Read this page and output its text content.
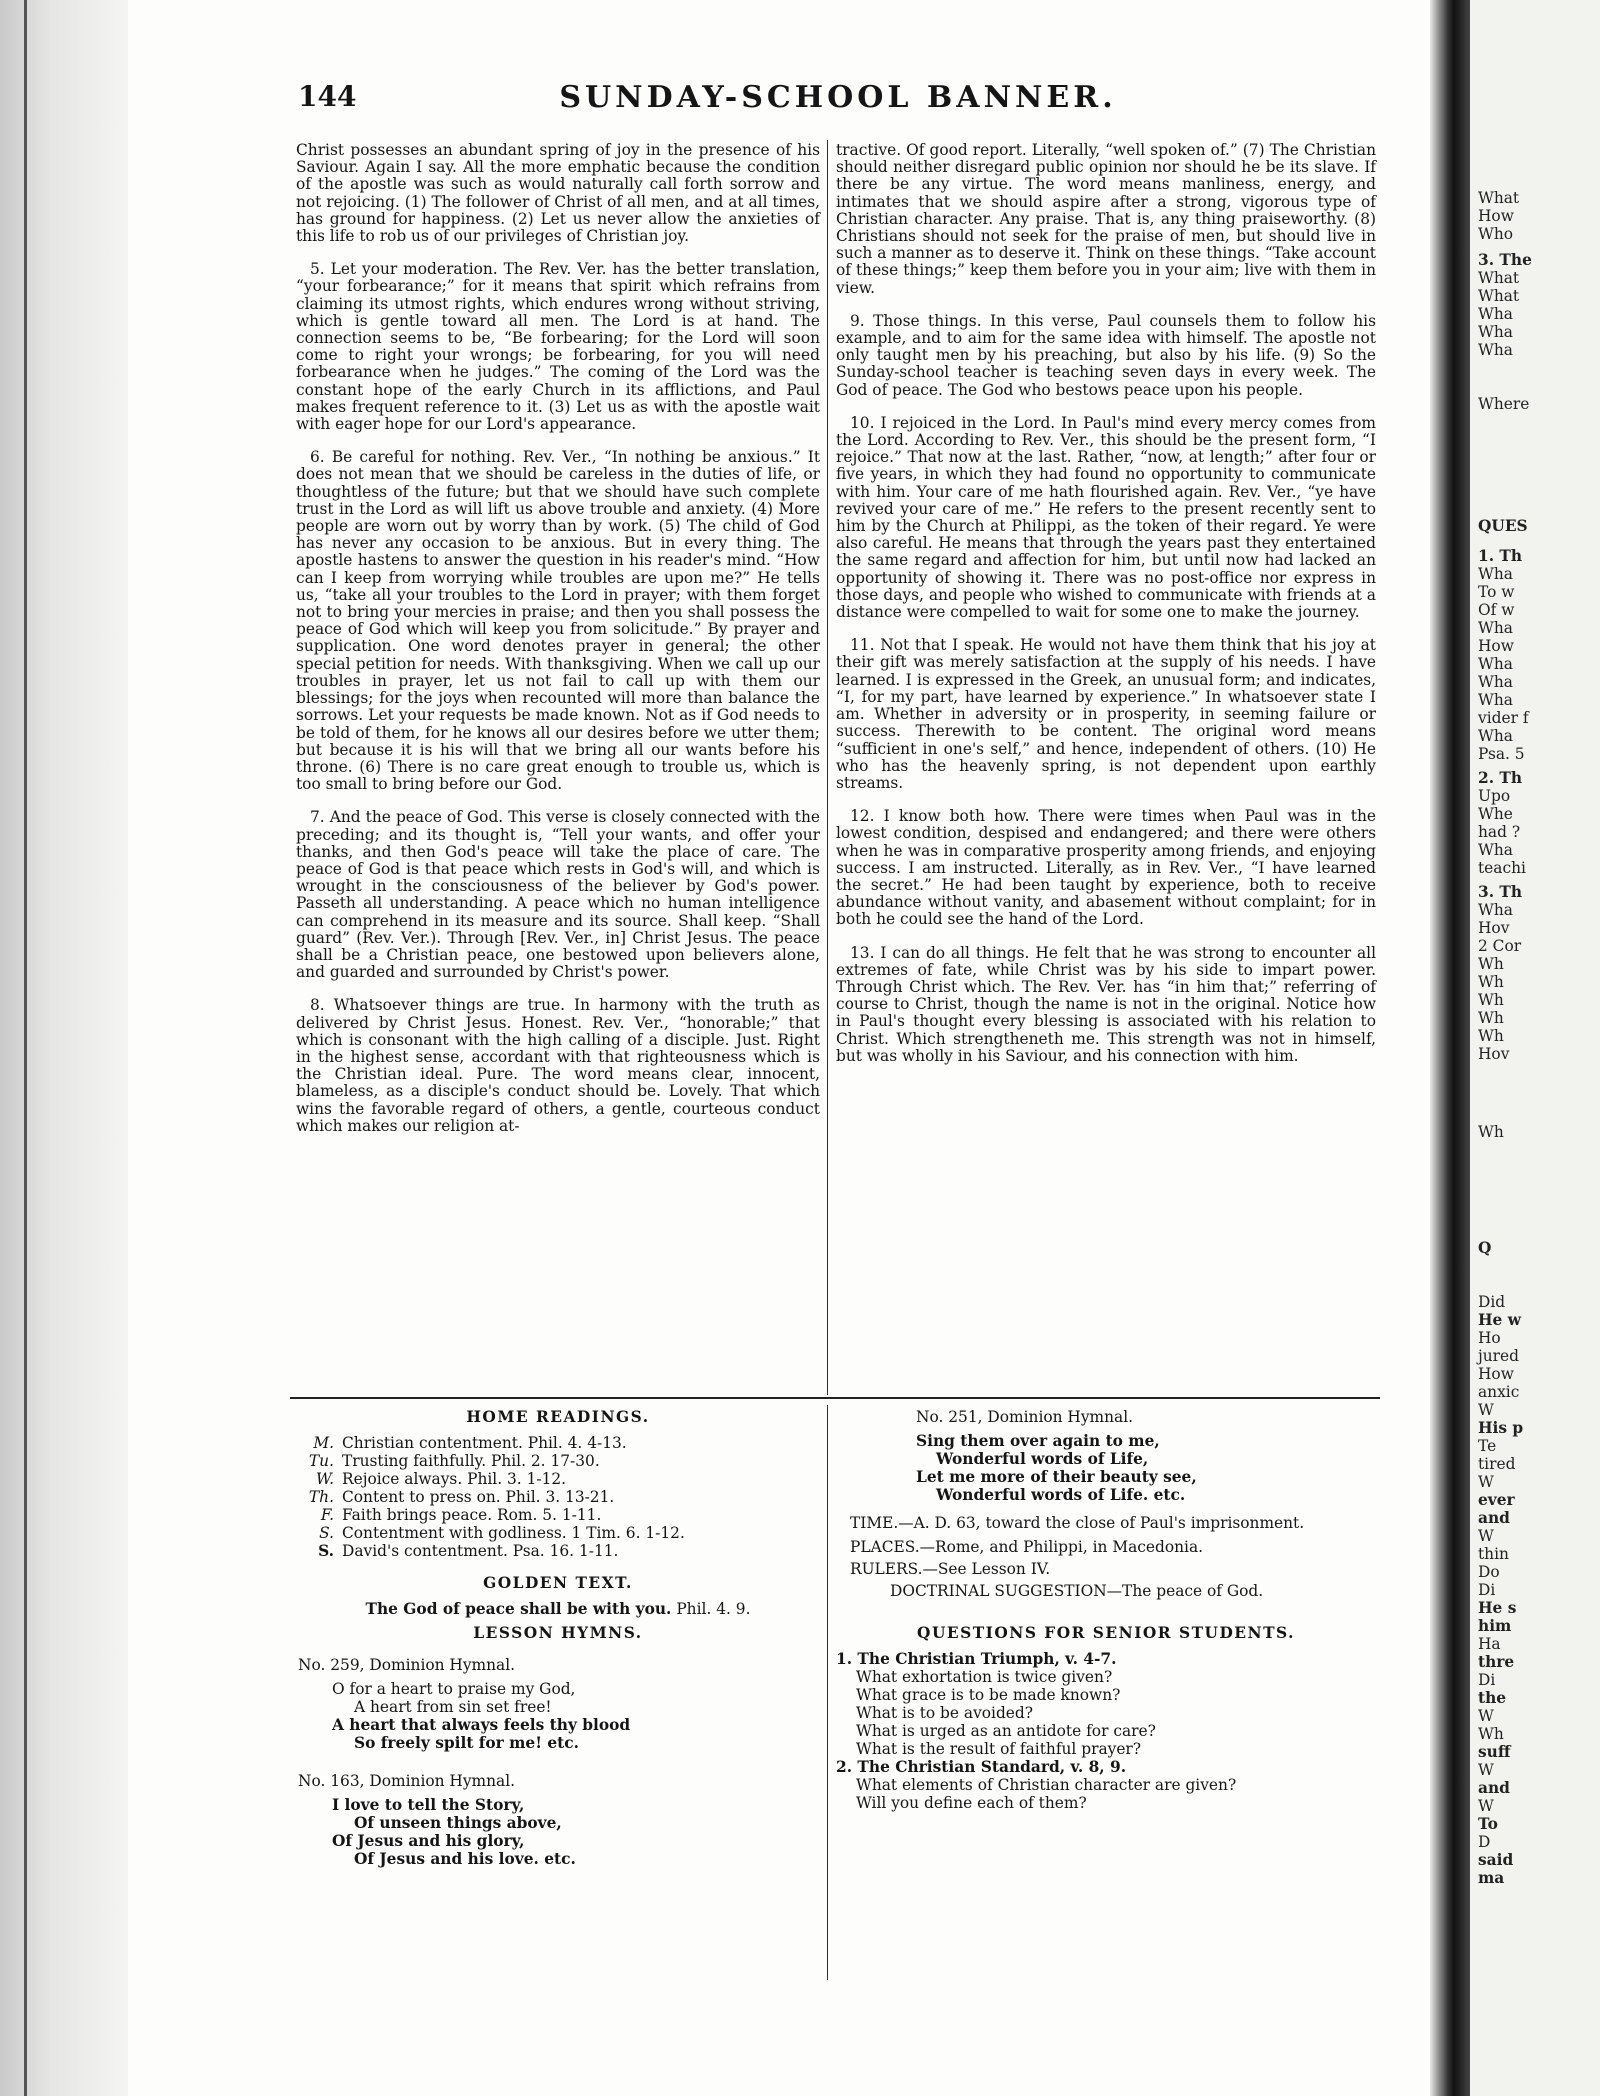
144	SUNDAY-SCHOOL BANNER.

Christ possesses an abundant spring of joy in the presence of his Saviour. Again I say. All the more emphatic because the condition of the apostle was such as would naturally call forth sorrow and not rejoicing. (1) The follower of Christ of all men, and at all times, has ground for happiness. (2) Let us never allow the anxieties of this life to rob us of our privileges of Christian joy.

5. Let your moderation. The Rev. Ver. has the better translation, “your forbearance;” for it means that spirit which refrains from claiming its utmost rights, which endures wrong without striving, which is gentle toward all men. The Lord is at hand. The connection seems to be, “Be forbearing; for the Lord will soon come to right your wrongs; be forbearing, for you will need forbearance when he judges.” The coming of the Lord was the constant hope of the early Church in its afflictions, and Paul makes frequent reference to it. (3) Let us as with the apostle wait with eager hope for our Lord's appearance.

6. Be careful for nothing. Rev. Ver., “In nothing be anxious.” It does not mean that we should be careless in the duties of life, or thoughtless of the future; but that we should have such complete trust in the Lord as will lift us above trouble and anxiety. (4) More people are worn out by worry than by work. (5) The child of God has never any occasion to be anxious. But in every thing. The apostle hastens to answer the question in his reader's mind. “How can I keep from worrying while troubles are upon me?” He tells us, “take all your troubles to the Lord in prayer; with them forget not to bring your mercies in praise; and then you shall possess the peace of God which will keep you from solicitude.” By prayer and supplication. One word denotes prayer in general; the other special petition for needs. With thanksgiving. When we call up our troubles in prayer, let us not fail to call up with them our blessings; for the joys when recounted will more than balance the sorrows. Let your requests be made known. Not as if God needs to be told of them, for he knows all our desires before we utter them; but because it is his will that we bring all our wants before his throne. (6) There is no care great enough to trouble us, which is too small to bring before our God.

7. And the peace of God. This verse is closely connected with the preceding; and its thought is, “Tell your wants, and offer your thanks, and then God's peace will take the place of care. The peace of God is that peace which rests in God's will, and which is wrought in the consciousness of the believer by God's power. Passeth all understanding. A peace which no human intelligence can comprehend in its measure and its source. Shall keep. “Shall guard” (Rev. Ver.). Through [Rev. Ver., in] Christ Jesus. The peace shall be a Christian peace, one bestowed upon believers alone, and guarded and surrounded by Christ's power.

8. Whatsoever things are true. In harmony with the truth as delivered by Christ Jesus. Honest. Rev. Ver., “honorable;” that which is consonant with the high calling of a disciple. Just. Right in the highest sense, accordant with that righteousness which is the Christian ideal. Pure. The word means clear, innocent, blameless, as a disciple's conduct should be. Lovely. That which wins the favorable regard of others, a gentle, courteous conduct which makes our religion at-

tractive. Of good report. Literally, “well spoken of.” (7) The Christian should neither disregard public opinion nor should he be its slave. If there be any virtue. The word means manliness, energy, and intimates that we should aspire after a strong, vigorous type of Christian character. Any praise. That is, any thing praiseworthy. (8) Christians should not seek for the praise of men, but should live in such a manner as to deserve it. Think on these things. “Take account of these things;” keep them before you in your aim; live with them in view.

9. Those things. In this verse, Paul counsels them to follow his example, and to aim for the same idea with himself. The apostle not only taught men by his preaching, but also by his life. (9) So the Sunday-school teacher is teaching seven days in every week. The God of peace. The God who bestows peace upon his people.

10. I rejoiced in the Lord. In Paul's mind every mercy comes from the Lord. According to Rev. Ver., this should be the present form, “I rejoice.” That now at the last. Rather, “now, at length;” after four or five years, in which they had found no opportunity to communicate with him. Your care of me hath flourished again. Rev. Ver., “ye have revived your care of me.” He refers to the present recently sent to him by the Church at Philippi, as the token of their regard. Ye were also careful. He means that through the years past they entertained the same regard and affection for him, but until now had lacked an opportunity of showing it. There was no post-office nor express in those days, and people who wished to communicate with friends at a distance were compelled to wait for some one to make the journey.

11. Not that I speak. He would not have them think that his joy at their gift was merely satisfaction at the supply of his needs. I have learned. I is expressed in the Greek, an unusual form; and indicates, “I, for my part, have learned by experience.” In whatsoever state I am. Whether in adversity or in prosperity, in seeming failure or success. Therewith to be content. The original word means “sufficient in one's self,” and hence, independent of others. (10) He who has the heavenly spring, is not dependent upon earthly streams.

12. I know both how. There were times when Paul was in the lowest condition, despised and endangered; and there were others when he was in comparative prosperity among friends, and enjoying success. I am instructed. Literally, as in Rev. Ver., “I have learned the secret.” He had been taught by experience, both to receive abundance without vanity, and abasement without complaint; for in both he could see the hand of the Lord.

13. I can do all things. He felt that he was strong to encounter all extremes of fate, while Christ was by his side to impart power. Through Christ which. The Rev. Ver. has “in him that;” referring of course to Christ, though the name is not in the original. Notice how in Paul's thought every blessing is associated with his relation to Christ. Which strengtheneth me. This strength was not in himself, but was wholly in his Saviour, and his connection with him.

HOME READINGS.
M. Christian contentment. Phil. 4. 4-13.
Tu. Trusting faithfully. Phil. 2. 17-30.
W. Rejoice always. Phil. 3. 1-12.
Th. Content to press on. Phil. 3. 13-21.
F. Faith brings peace. Rom. 5. 1-11.
S. Contentment with godliness. 1 Tim. 6. 1-12.
S. David's contentment. Psa. 16. 1-11.
GOLDEN TEXT.
The God of peace shall be with you. Phil. 4. 9.
LESSON HYMNS.
No. 259, Dominion Hymnal.
O for a heart to praise my God,
A heart from sin set free!
A heart that always feels thy blood
So freely spilt for me! etc.
No. 163, Dominion Hymnal.
I love to tell the Story,
Of unseen things above,
Of Jesus and his glory,
Of Jesus and his love. etc.
No. 251, Dominion Hymnal.
Sing them over again to me,
Wonderful words of Life,
Let me more of their beauty see,
Wonderful words of Life. etc.
TIME.—A. D. 63, toward the close of Paul's imprisonment.
PLACES.—Rome, and Philippi, in Macedonia.
RULERS.—See Lesson IV.
DOCTRINAL SUGGESTION—The peace of God.
QUESTIONS FOR SENIOR STUDENTS.
1. The Christian Triumph, v. 4-7.
What exhortation is twice given?
What grace is to be made known?
What is to be avoided?
What is urged as an antidote for care?
What is the result of faithful prayer?
2. The Christian Standard, v. 8, 9.
What elements of Christian character are given?
Will you define each of them?
What
How
Who
3. The
What
What
Wha
Wha
Wha
Where
QUES
1. Th
Wha
To w
Of w
Wha
How
Wha
Wha
Wha
vider f
Wha
Psa. 5
2. Th
Upo
Whe
had ?
Wha
teachi
3. Th
Wha
Hov
2 Cor
Wh
Wh
Wh
Wh
Wh
Hov
Wh
Q
Did
He w
Ho
jured
How
anxic
W
His p
Te
tired
W
ever
and
W
thin
Do
Di
He s
him
Ha
thre
Di
the
W
Wh
suff
W
and
W
To
D
said
ma
